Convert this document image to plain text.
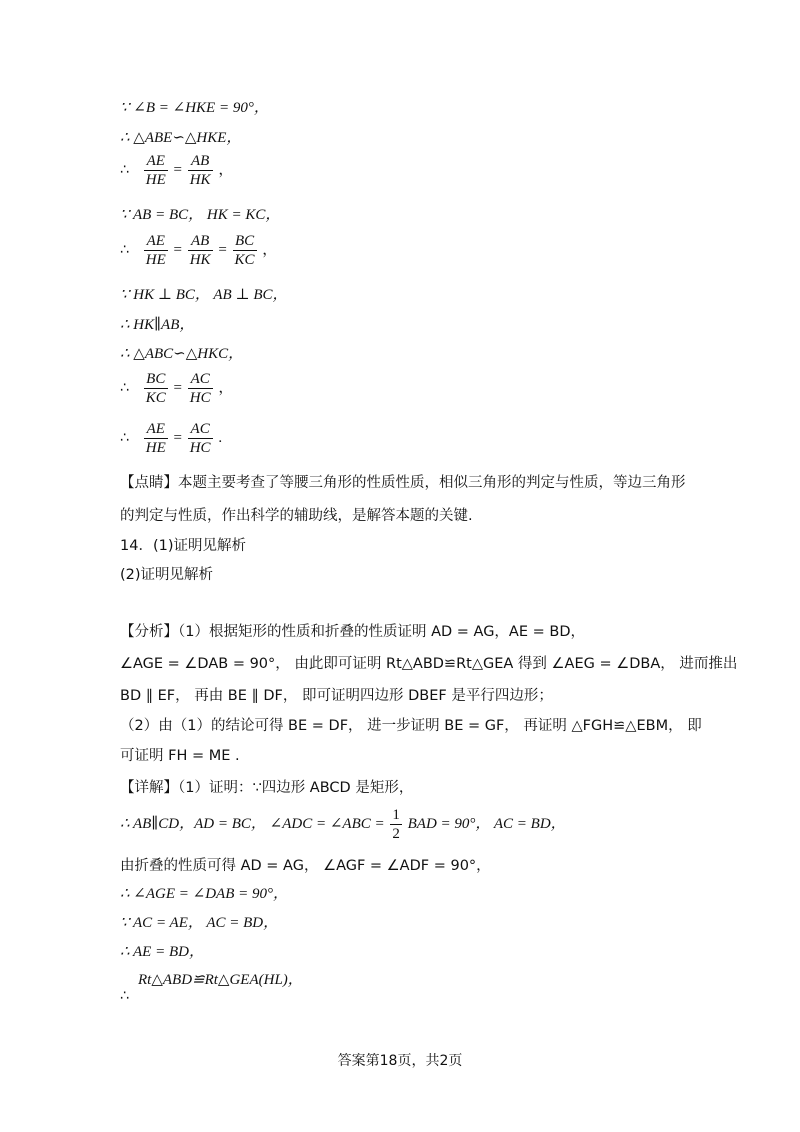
∵ ∠B = ∠HKE = 90°，
∴ △ABE∽△HKE，
∴ $\frac{AE}{HE} = \frac{AB}{HK}$ ，
∵ AB = BC， HK = KC，
∴ $\frac{AE}{HE} = \frac{AB}{HK} = \frac{BC}{KC}$ ，
∵ HK ⊥ BC， AB ⊥ BC，
∴ HK∥AB，
∴ △ABC∽△HKC，
∴ $\frac{BC}{KC} = \frac{AC}{HC}$ ，
∴ $\frac{AE}{HE} = \frac{AC}{HC}$ .
【点睛】本题主要考查了等腰三角形的性质性质，相似三角形的判定与性质，等边三角形
的判定与性质，作出科学的辅助线，是解答本题的关键.
14．(1)证明见解析
(2)证明见解析
【分析】（1）根据矩形的性质和折叠的性质证明 AD = AG，AE = BD，
∠AGE = ∠DAB = 90°， 由此即可证明 Rt△ABD≌Rt△GEA 得到 ∠AEG = ∠DBA， 进而推出
BD ∥ EF， 再由 BE ∥ DF， 即可证明四边形 DBEF 是平行四边形；
（2）由（1）的结论可得 BE = DF， 进一步证明 BE = GF， 再证明 △FGH≌△EBM， 即
可证明 FH = ME .
【详解】（1）证明：∵四边形 ABCD 是矩形，
∴ AB∥CD，AD = BC， ∠ADC = ∠ABC = $\frac{1}{2}$ BAD = 90°， AC = BD，
由折叠的性质可得 AD = AG， ∠AGF = ∠ADF = 90°，
∴ ∠AGE = ∠DAB = 90°，
∵ AC = AE， AC = BD，
∴ AE = BD，
Rt△ABD≌Rt△GEA(HL)，
∴
答案第18页，共2页
